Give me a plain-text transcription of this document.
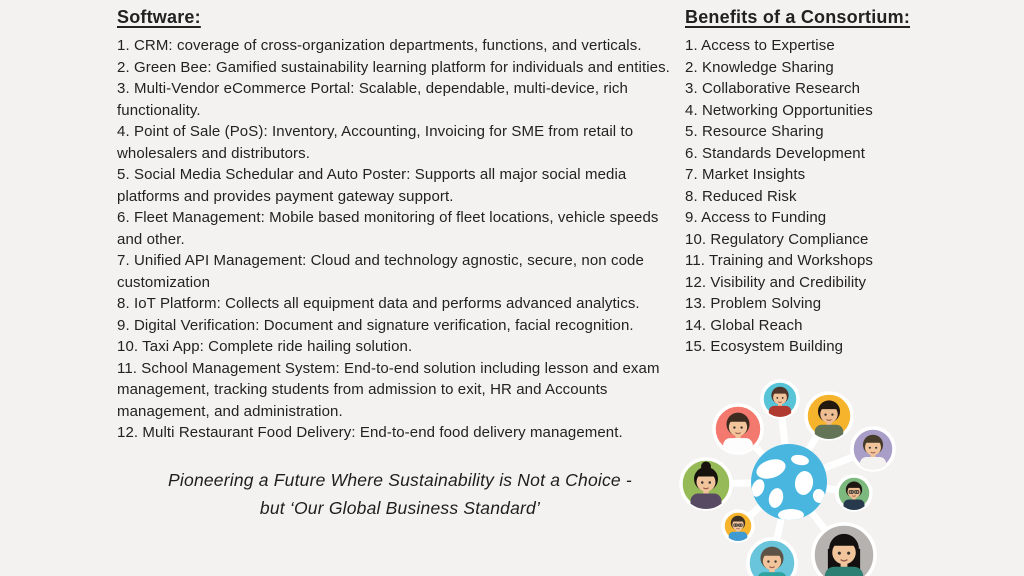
Software:
1. CRM: coverage of cross-organization departments, functions, and verticals.
2. Green Bee: Gamified sustainability learning platform for individuals and entities.
3. Multi-Vendor eCommerce Portal: Scalable, dependable, multi-device, rich functionality.
4. Point of Sale (PoS): Inventory, Accounting, Invoicing for SME from retail to wholesalers and distributors.
5. Social Media Schedular and Auto Poster: Supports all major social media platforms and provides payment gateway support.
6. Fleet Management: Mobile based monitoring of fleet locations, vehicle speeds and other.
7. Unified API Management: Cloud and technology agnostic, secure, non code customization
8. IoT Platform: Collects all equipment data and performs advanced analytics.
9. Digital Verification: Document and signature verification, facial recognition.
10. Taxi App: Complete ride hailing solution.
11. School Management System: End-to-end solution including lesson and exam management, tracking students from admission to exit, HR and Accounts management, and administration.
12. Multi Restaurant Food Delivery: End-to-end food delivery management.
Pioneering a Future Where Sustainability is Not a Choice -
but ‘Our Global Business Standard’
Benefits of a Consortium:
1. Access to Expertise
2. Knowledge Sharing
3. Collaborative Research
4. Networking Opportunities
5. Resource Sharing
6. Standards Development
7. Market Insights
8. Reduced Risk
9. Access to Funding
10. Regulatory Compliance
11. Training and Workshops
12. Visibility and Credibility
13. Problem Solving
14. Global Reach
15. Ecosystem Building
